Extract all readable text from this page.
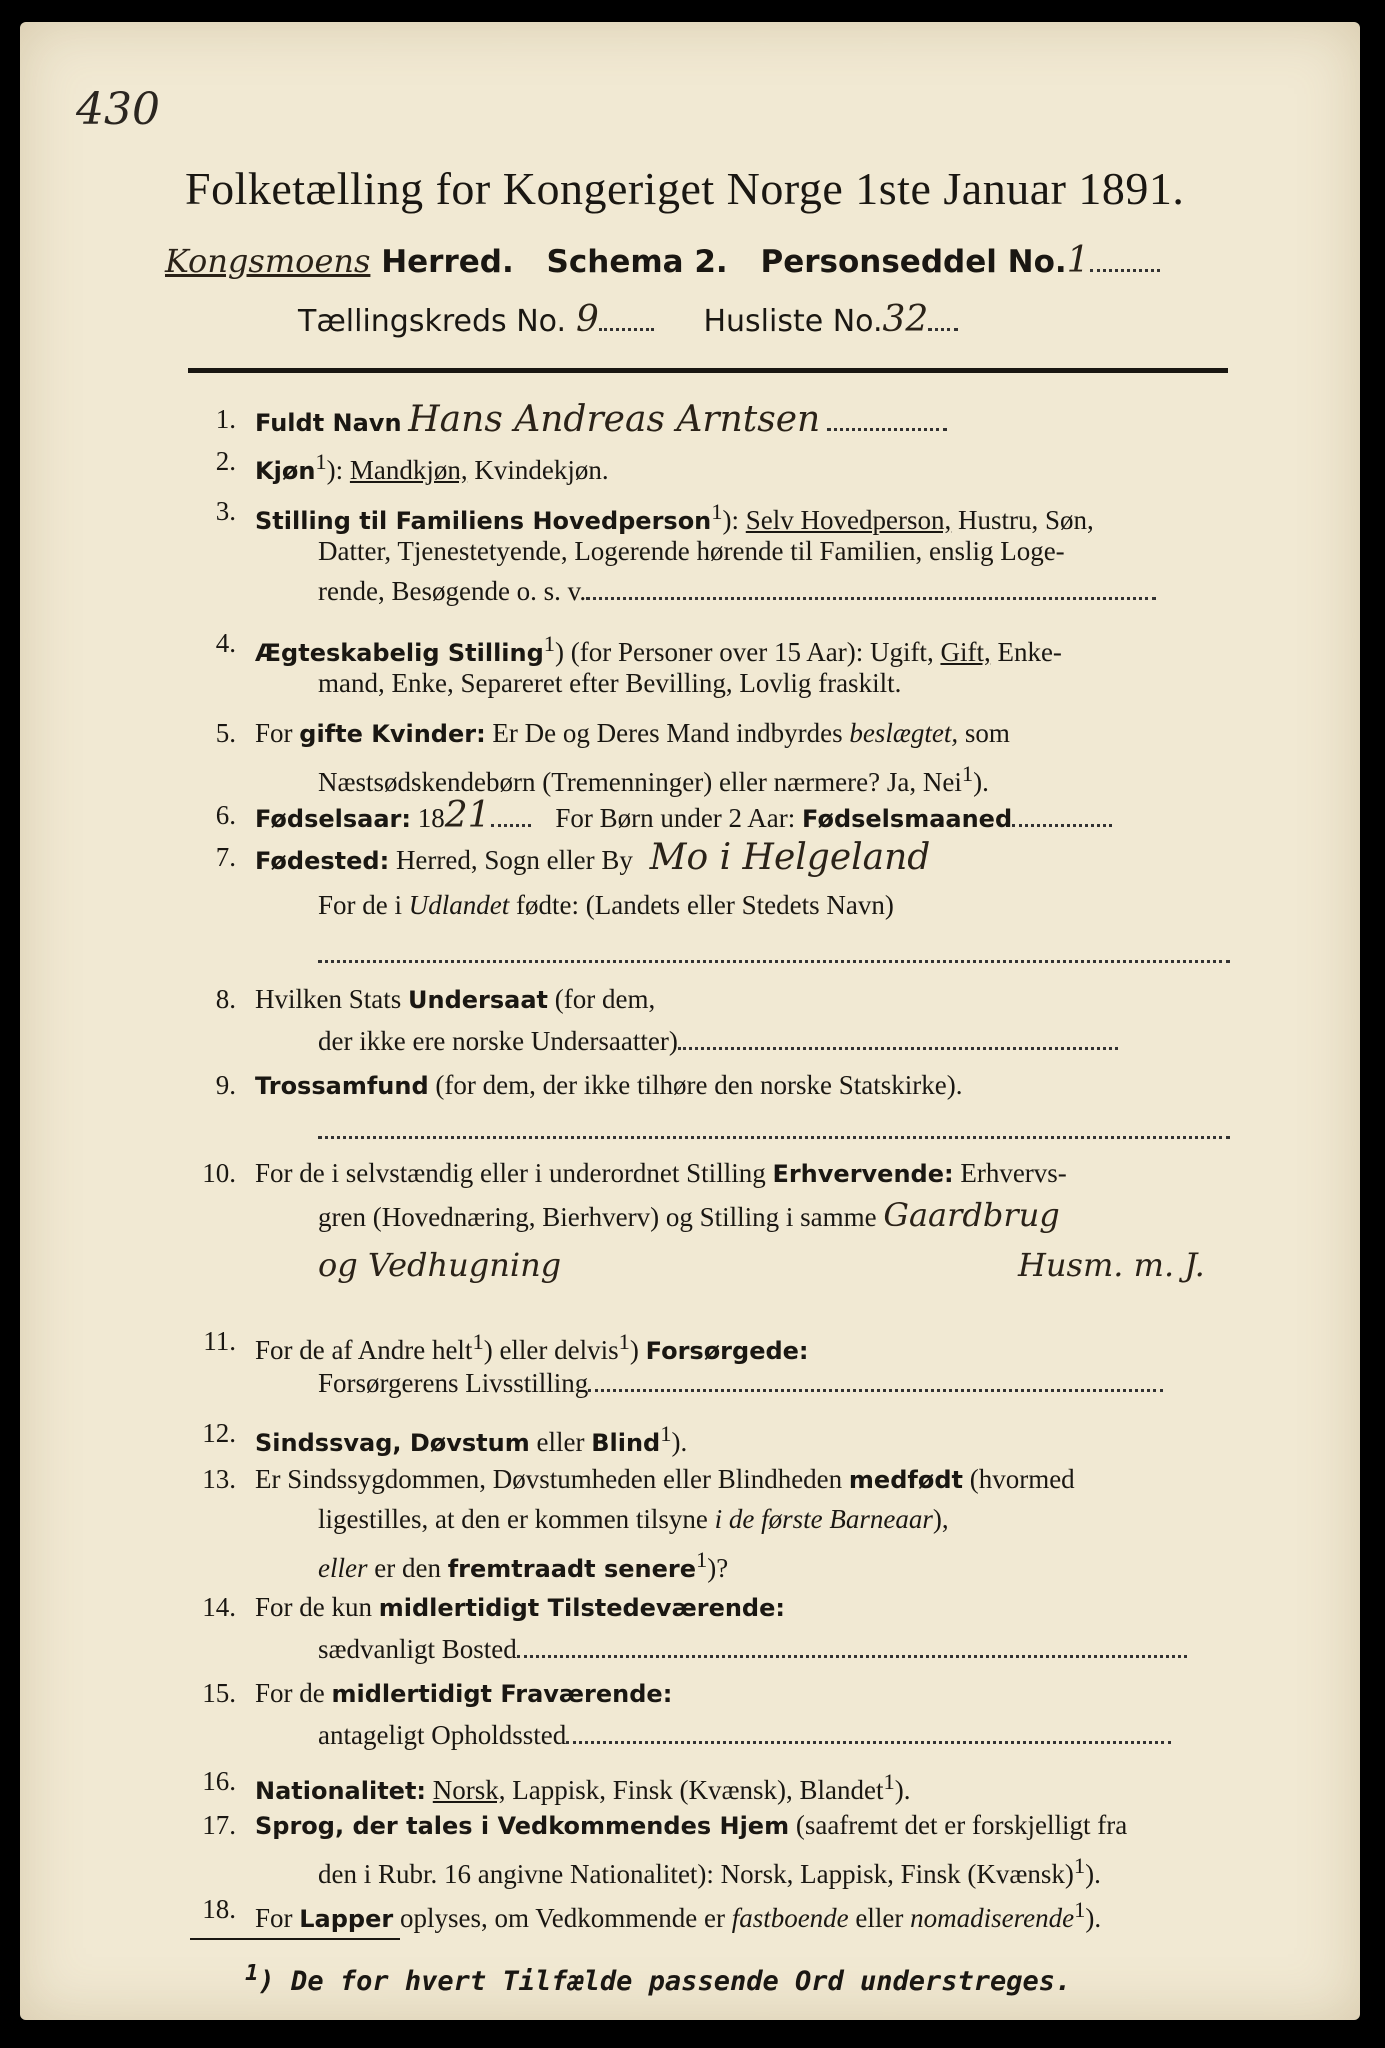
430
Folketælling for Kongeriget Norge 1ste Januar 1891.
Kongsmoens Herred. Schema 2. Personseddel No.1
Tællingskreds No. 9	Husliste No.32
1. Fuldt Navn Hans Andreas Arntsen
2. Kjøn$^1$): Mandkjøn, Kvindekjøn.
3. Stilling til Familiens Hovedperson$^1$): Selv Hovedperson, Hustru, Søn,
Datter, Tjenestetyende, Logerende hørende til Familien, enslig Loge-
rende, Besøgende o. s. v.
4. Ægteskabelig Stilling$^1$) (for Personer over 15 Aar): Ugift, Gift, Enke-
mand, Enke, Separeret efter Bevilling, Lovlig fraskilt.
5. For gifte Kvinder: Er De og Deres Mand indbyrdes beslægtet, som
Næstsødskendebørn (Tremenninger) eller nærmere? Ja, Nei$^1$).
6. Fødselsaar: 1821 For Børn under 2 Aar: Fødselsmaaned
7. Fødested: Herred, Sogn eller By Mo i Helgeland
For de i Udlandet fødte: (Landets eller Stedets Navn)
8. Hvilken Stats Undersaat (for dem,
der ikke ere norske Undersaatter)
9. Trossamfund (for dem, der ikke tilhøre den norske Statskirke).
10. For de i selvstændig eller i underordnet Stilling Erhvervende: Erhvervs-
gren (Hovednæring, Bierhverv) og Stilling i samme Gaardbrug
og Vedhugning	Husm. m. J.
11. For de af Andre helt$^1$) eller delvis$^1$) Forsørgede:
Forsørgerens Livsstilling
12. Sindssvag, Døvstum eller Blind$^1$).
13. Er Sindssygdommen, Døvstumheden eller Blindheden medfødt (hvormed
ligestilles, at den er kommen tilsyne i de første Barneaar),
eller er den fremtraadt senere$^1$)?
14. For de kun midlertidigt Tilstedeværende:
sædvanligt Bosted
15. For de midlertidigt Fraværende:
antageligt Opholdssted
16. Nationalitet: Norsk, Lappisk, Finsk (Kvænsk), Blandet$^1$).
17. Sprog, der tales i Vedkommendes Hjem (saafremt det er forskjelligt fra
den i Rubr. 16 angivne Nationalitet): Norsk, Lappisk, Finsk (Kvænsk)$^1$).
18. For Lapper oplyses, om Vedkommende er fastboende eller nomadiserende$^1$).
$^1$) De for hvert Tilfælde passende Ord understreges.
